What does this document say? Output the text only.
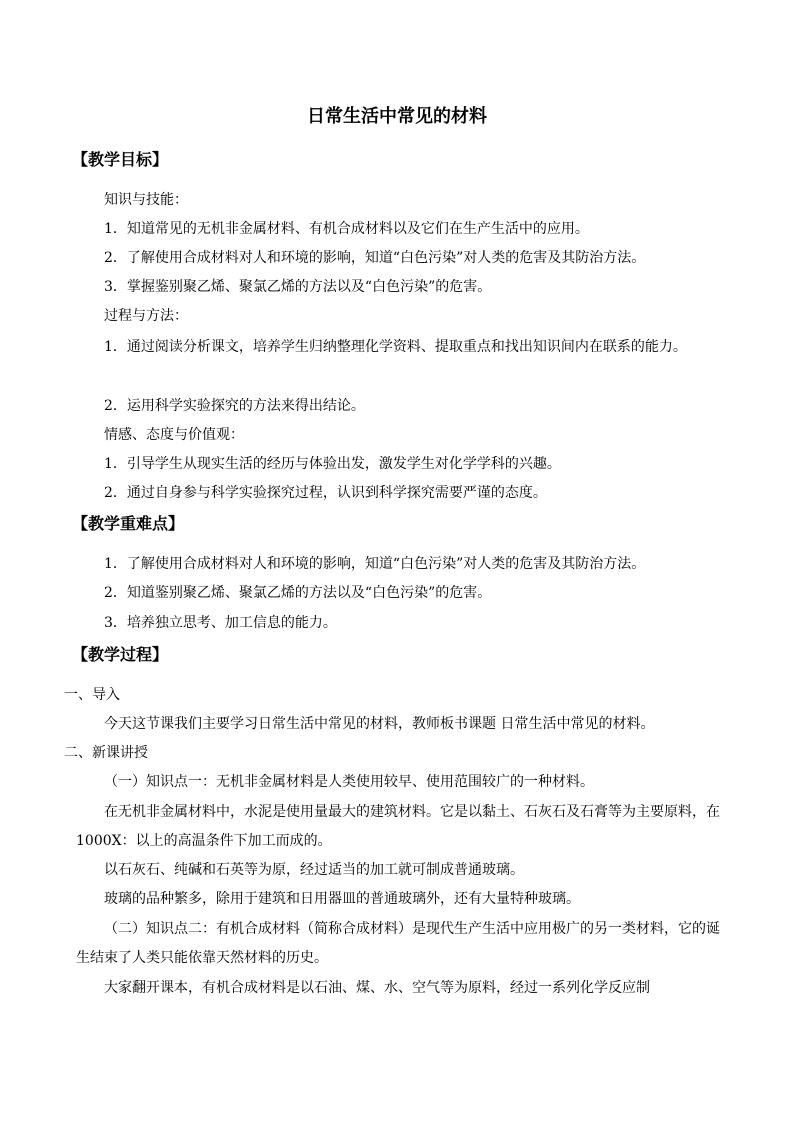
日常生活中常见的材料
【教学目标】
知识与技能：
1．知道常见的无机非金属材料、有机合成材料以及它们在生产生活中的应用。
2．了解使用合成材料对人和环境的影响，知道“白色污染”对人类的危害及其防治方法。
3．掌握鉴别聚乙烯、聚氯乙烯的方法以及“白色污染”的危害。
过程与方法：
1．通过阅读分析课文，培养学生归纳整理化学资料、提取重点和找出知识间内在联系的能力。
2．运用科学实验探究的方法来得出结论。
情感、态度与价值观：
1．引导学生从现实生活的经历与体验出发，激发学生对化学学科的兴趣。
2．通过自身参与科学实验探究过程，认识到科学探究需要严谨的态度。
【教学重难点】
1．了解使用合成材料对人和环境的影响，知道“白色污染”对人类的危害及其防治方法。
2．知道鉴别聚乙烯、聚氯乙烯的方法以及“白色污染”的危害。
3．培养独立思考、加工信息的能力。
【教学过程】
一、导入
今天这节课我们主要学习日常生活中常见的材料，教师板书课题 日常生活中常见的材料。
二、新课讲授
（一）知识点一：无机非金属材料是人类使用较早、使用范围较广的一种材料。
在无机非金属材料中，水泥是使用量最大的建筑材料。它是以黏土、石灰石及石膏等为主要原料，在 1000X：以上的高温条件下加工而成的。
以石灰石、纯碱和石英等为原，经过适当的加工就可制成普通玻璃。
玻璃的品种繁多，除用于建筑和日用器皿的普通玻璃外，还有大量特种玻璃。
（二）知识点二：有机合成材料（简称合成材料）是现代生产生活中应用极广的另一类材料，它的诞生结束了人类只能依靠天然材料的历史。
大家翻开课本，有机合成材料是以石油、煤、水、空气等为原料，经过一系列化学反应制
